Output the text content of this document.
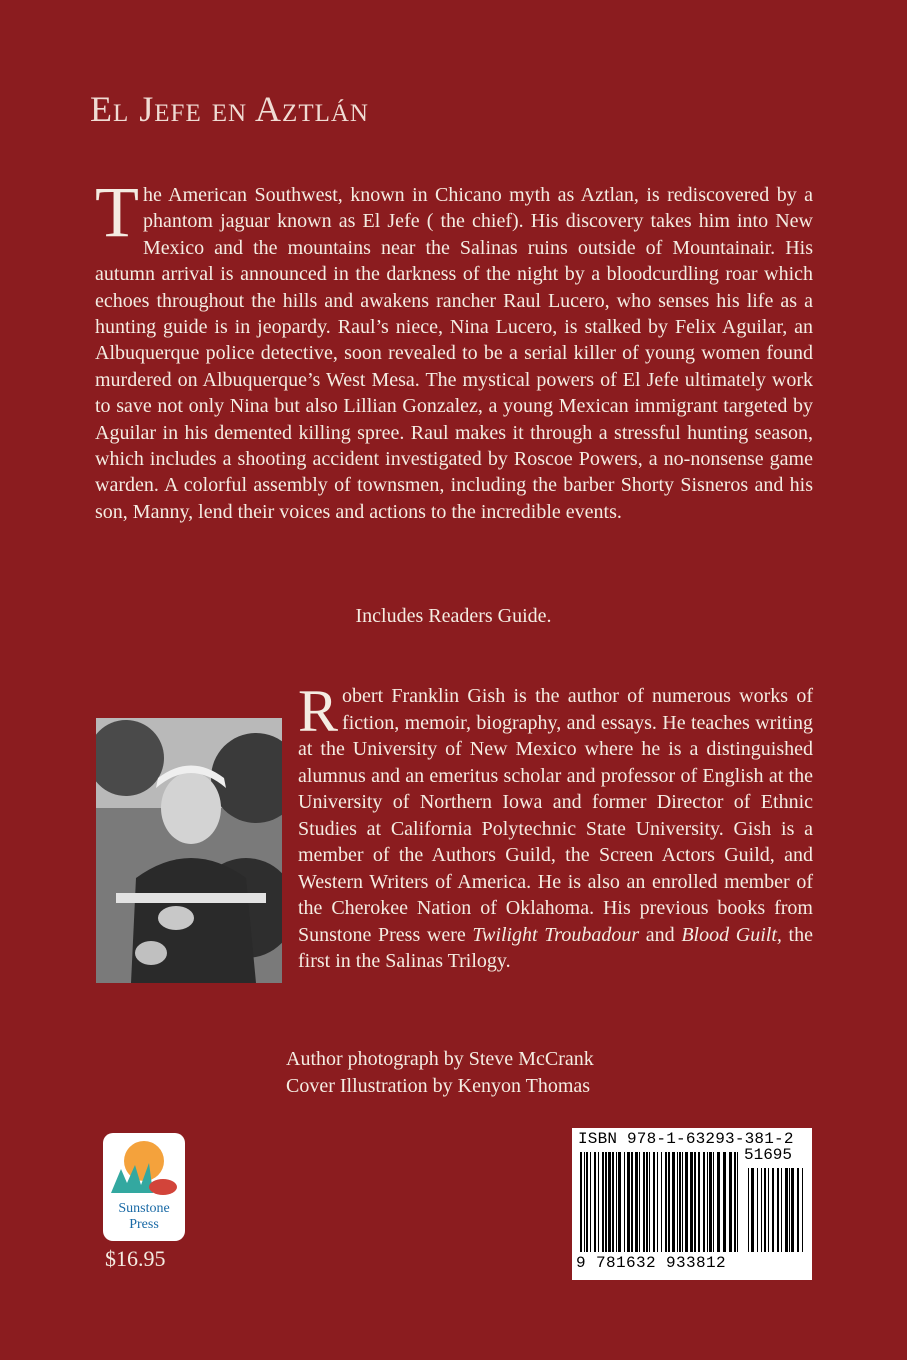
El Jefe en Aztlán
The American Southwest, known in Chicano myth as Aztlan, is rediscovered by a phantom jaguar known as El Jefe ( the chief). His discovery takes him into New Mexico and the mountains near the Salinas ruins outside of Mountainair. His autumn arrival is announced in the darkness of the night by a bloodcurdling roar which echoes throughout the hills and awakens rancher Raul Lucero, who senses his life as a hunting guide is in jeopardy. Raul’s niece, Nina Lucero, is stalked by Felix Aguilar, an Albuquerque police detective, soon revealed to be a serial killer of young women found murdered on Albuquerque’s West Mesa. The mystical powers of El Jefe ultimately work to save not only Nina but also Lillian Gonzalez, a young Mexican immigrant targeted by Aguilar in his demented killing spree. Raul makes it through a stressful hunting season, which includes a shooting accident investigated by Roscoe Powers, a no-nonsense game warden. A colorful assembly of townsmen, including the barber Shorty Sisneros and his son, Manny, lend their voices and actions to the incredible events.
Includes Readers Guide.
Robert Franklin Gish is the author of numerous works of fiction, memoir, biography, and essays. He teaches writing at the University of New Mexico where he is a distinguished alumnus and an emeritus scholar and professor of English at the University of Northern Iowa and former Director of Ethnic Studies at California Polytechnic State University. Gish is a member of the Authors Guild, the Screen Actors Guild, and Western Writers of America. He is also an enrolled member of the Cherokee Nation of Oklahoma. His previous books from Sunstone Press were Twilight Troubadour and Blood Guilt, the first in the Salinas Trilogy.
Author photograph by Steve McCrank
Cover Illustration by Kenyon Thomas
Sunstone
Press
$16.95
ISBN 978-1-63293-381-2
51695
9 781632 933812
